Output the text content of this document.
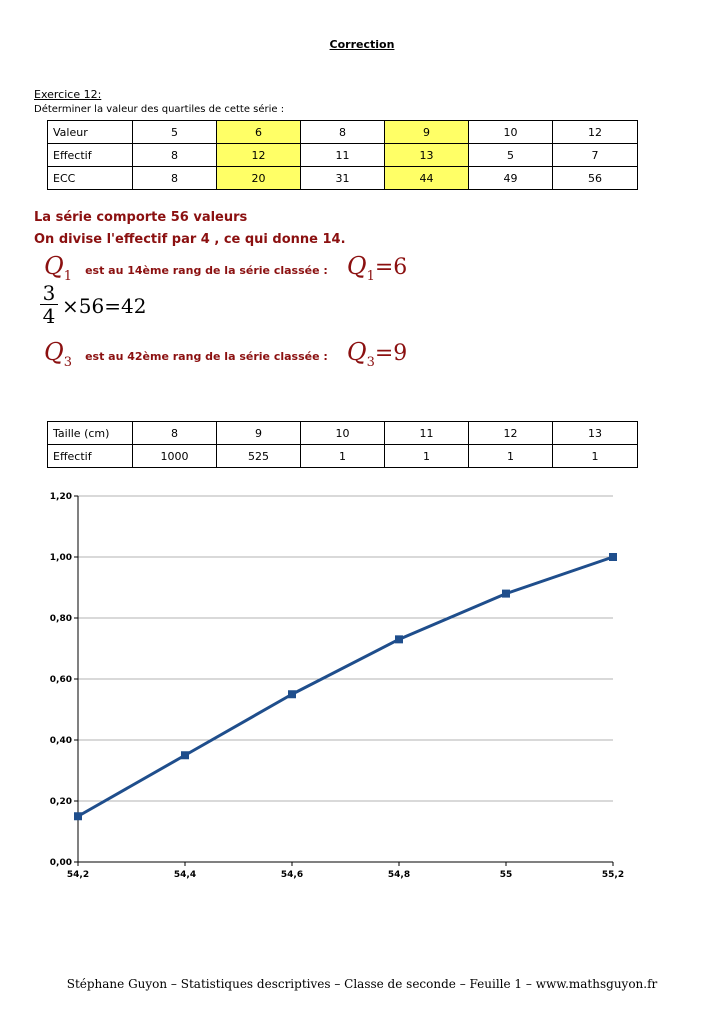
Correction
Exercice 12:
Déterminer la valeur des quartiles de cette série :
Valeur	5	6	8	9	10	12
Effectif	8	12	11	13	5	7
ECC	8	20	31	44	49	56
La série comporte 56 valeurs
On divise l'effectif par 4 , ce qui donne 14.
$Q_1$ est au 14ème rang de la série classée : $Q_1=6$
$\frac{3}{4} \times 56=42$
$Q_3$ est au 42ème rang de la série classée : $Q_3=9$
Taille (cm)	8	9	10	11	12	13
Effectif	1000	525	1	1	1	1
0,00
0,20
0,40
0,60
0,80
1,00
1,20
54,2	54,4	54,6	54,8	55	55,2
Stéphane Guyon – Statistiques descriptives – Classe de seconde – Feuille 1 – www.mathsguyon.fr
